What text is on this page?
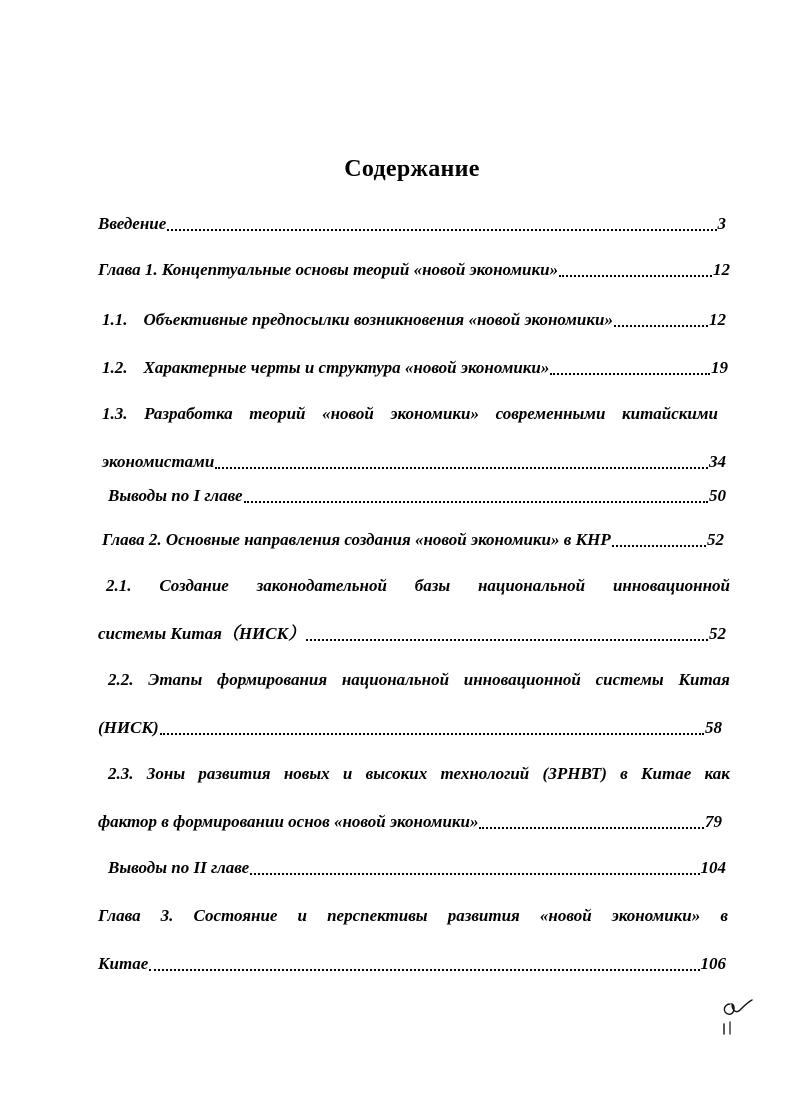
Содержание
Введение	3
Глава 1. Концептуальные основы теорий «новой экономики»	12
1.1. Объективные предпосылки возникновения «новой экономики»	12
1.2. Характерные черты и структура «новой экономики»	19
1.3. Разработка теорий «новой экономики» современными китайскими
экономистами	34
Выводы по I главе	50
Глава 2. Основные направления создания «новой экономики» в КНР	52
2.1. Создание законодательной базы национальной инновационной
системы Китая（НИСК）	52
2.2. Этапы формирования национальной инновационной системы Китая
(НИСК)	58
2.3. Зоны развития новых и высоких технологий (ЗРНВТ) в Китае как
фактор в формировании основ «новой экономики»	79
Выводы по II главе	104
Глава 3. Состояние и перспективы развития «новой экономики» в
Китае	106
